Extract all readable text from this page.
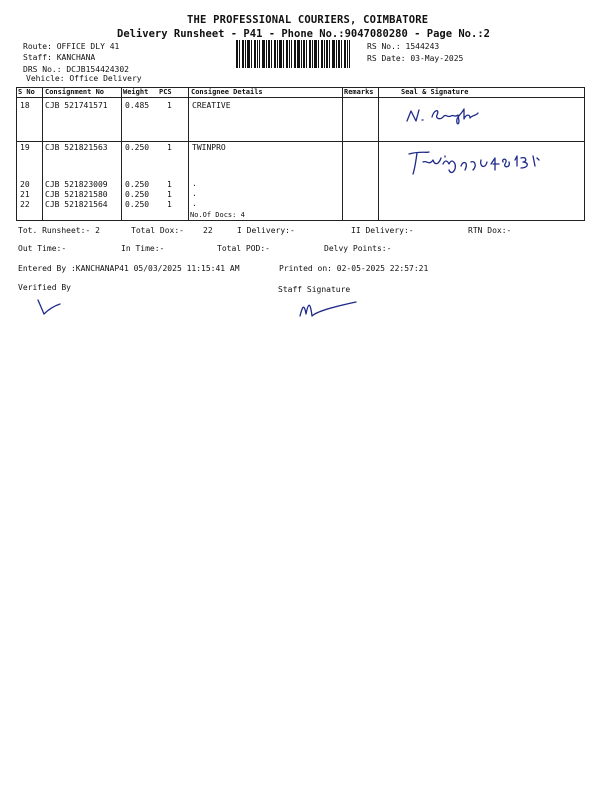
THE PROFESSIONAL COURIERS, COIMBATORE
Delivery Runsheet - P41 - Phone No.:9047080280 - Page No.:2
Route: OFFICE DLY 41
Staff: KANCHANA
DRS No.: DCJB154424302
Vehicle: Office Delivery
RS No.: 1544243
RS Date: 03-May-2025
S No Consignment No	Weight PCS	Consignee Details	Remarks	Seal & Signature
18 CJB 521741571 0.485 1	CREATIVE
19 CJB 521821563 0.250 1	TWINPRO
20 CJB 521823009 0.250 1	.
21 CJB 521821580 0.250 1	.
22 CJB 521821564 0.250 1	.
No.Of Docs: 4
Tot. Runsheet:- 2	Total Dox:- 22	I Delivery:-	II Delivery:-	RTN Dox:-
Out Time:-	In Time:-	Total POD:-	Delvy Points:-
Entered By :KANCHANAP41 05/03/2025 11:15:41 AM	Printed on: 02-05-2025 22:57:21
Verified By	Staff Signature
